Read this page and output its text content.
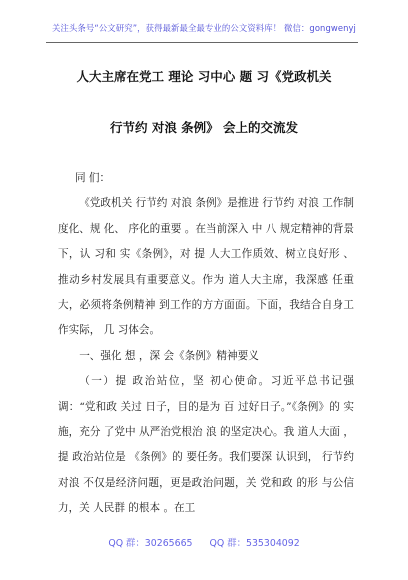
关注头条号“公文研究”，获得最新最全最专业的公文资料库！ 微信：gongwenyj
人大主席在党工 理论 习中心 题 习《党政机关
行节约 对浪 条例》 会上的交流发

同 们：

《党政机关 行节约 对浪 条例》是推进 行节约 对浪 工作制度化、规 化、 序化的重要 。在当前深入 中 八 规定精神的背景下，认 习和 实《条例》，对 提 人大工作质效、树立良好形 、推动乡村发展具有重要意义。作为 道人大主席，我深感 任重大，必须将条例精神 到工作的方方面面。下面，我结合自身工作实际， 几 习体会。

一、强化 想 ，深 会《条例》精神要义

（一）提 政治站位，坚 初心使命。习近平总书记强调：“党和政 关过 日子，目的是为 百 过好日子。”《条例》的 实施，充分 了党中 从严治党根治 浪 的坚定决心。我 道人大面 ，提 政治站位是 《条例》的 要任务。我们要深 认识到， 行节约 对浪 不仅是经济问题，更是政治问题，关 党和政 的形 与公信力，关 人民群 的根本 。在工

QQ 群：30265665 QQ 群：535304092
